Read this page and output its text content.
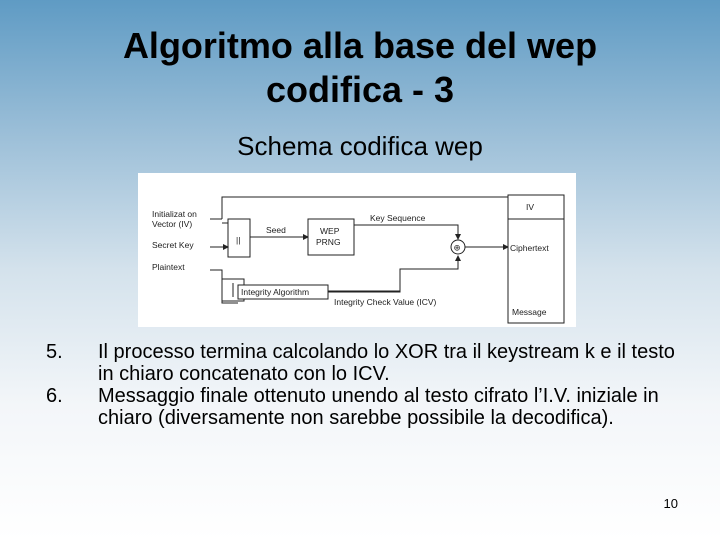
Algoritmo alla base del wep
codifica - 3
Schema codifica wep
Initializat on
Vector (IV)
Secret Key
Plaintext
||
Seed	WEP
PRNG
Key Sequence
⊕
Integrity Algorithm
Integrity Check Value (ICV)
IV
Ciphertext
Message
5.	Il processo termina calcolando lo XOR tra il keystream k e il testo in chiaro concatenato con lo ICV.
6.	Messaggio finale ottenuto unendo al testo cifrato l’I.V. iniziale in chiaro (diversamente non sarebbe possibile la decodifica).
10
